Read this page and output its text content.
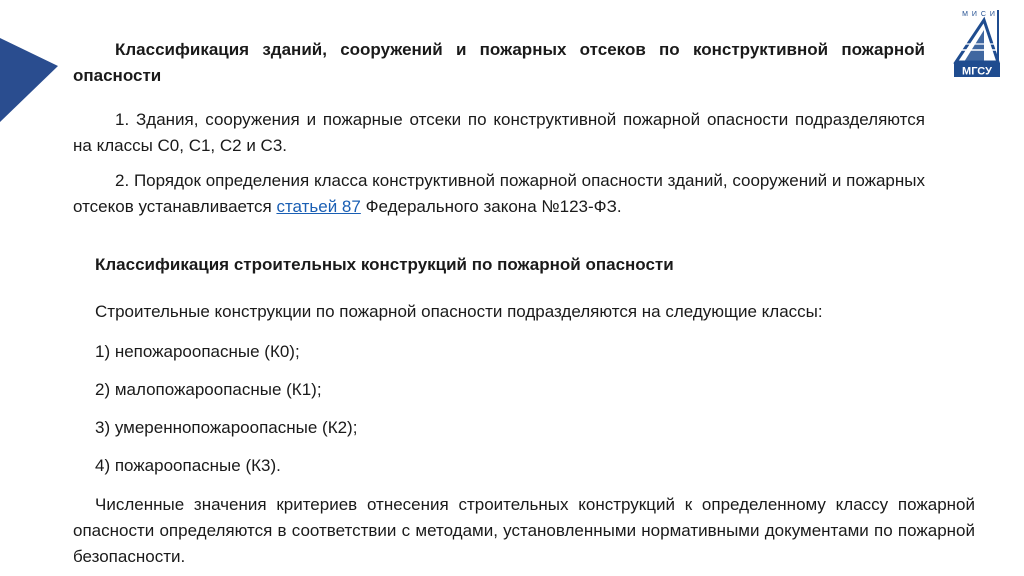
М И С И
МГСУ

Классификация зданий, сооружений и пожарных отсеков по конструктивной пожарной опасности

1. Здания, сооружения и пожарные отсеки по конструктивной пожарной опасности подразделяются на классы С0, С1, С2 и С3.

2. Порядок определения класса конструктивной пожарной опасности зданий, сооружений и пожарных отсеков устанавливается статьей 87 Федерального закона №123-ФЗ.

Классификация строительных конструкций по пожарной опасности

Строительные конструкции по пожарной опасности подразделяются на следующие классы:

1) непожароопасные (К0);

2) малопожароопасные (К1);

3) умереннопожароопасные (К2);

4) пожароопасные (К3).

Численные значения критериев отнесения строительных конструкций к определенному классу пожарной опасности определяются в соответствии с методами, установленными нормативными документами по пожарной безопасности.
